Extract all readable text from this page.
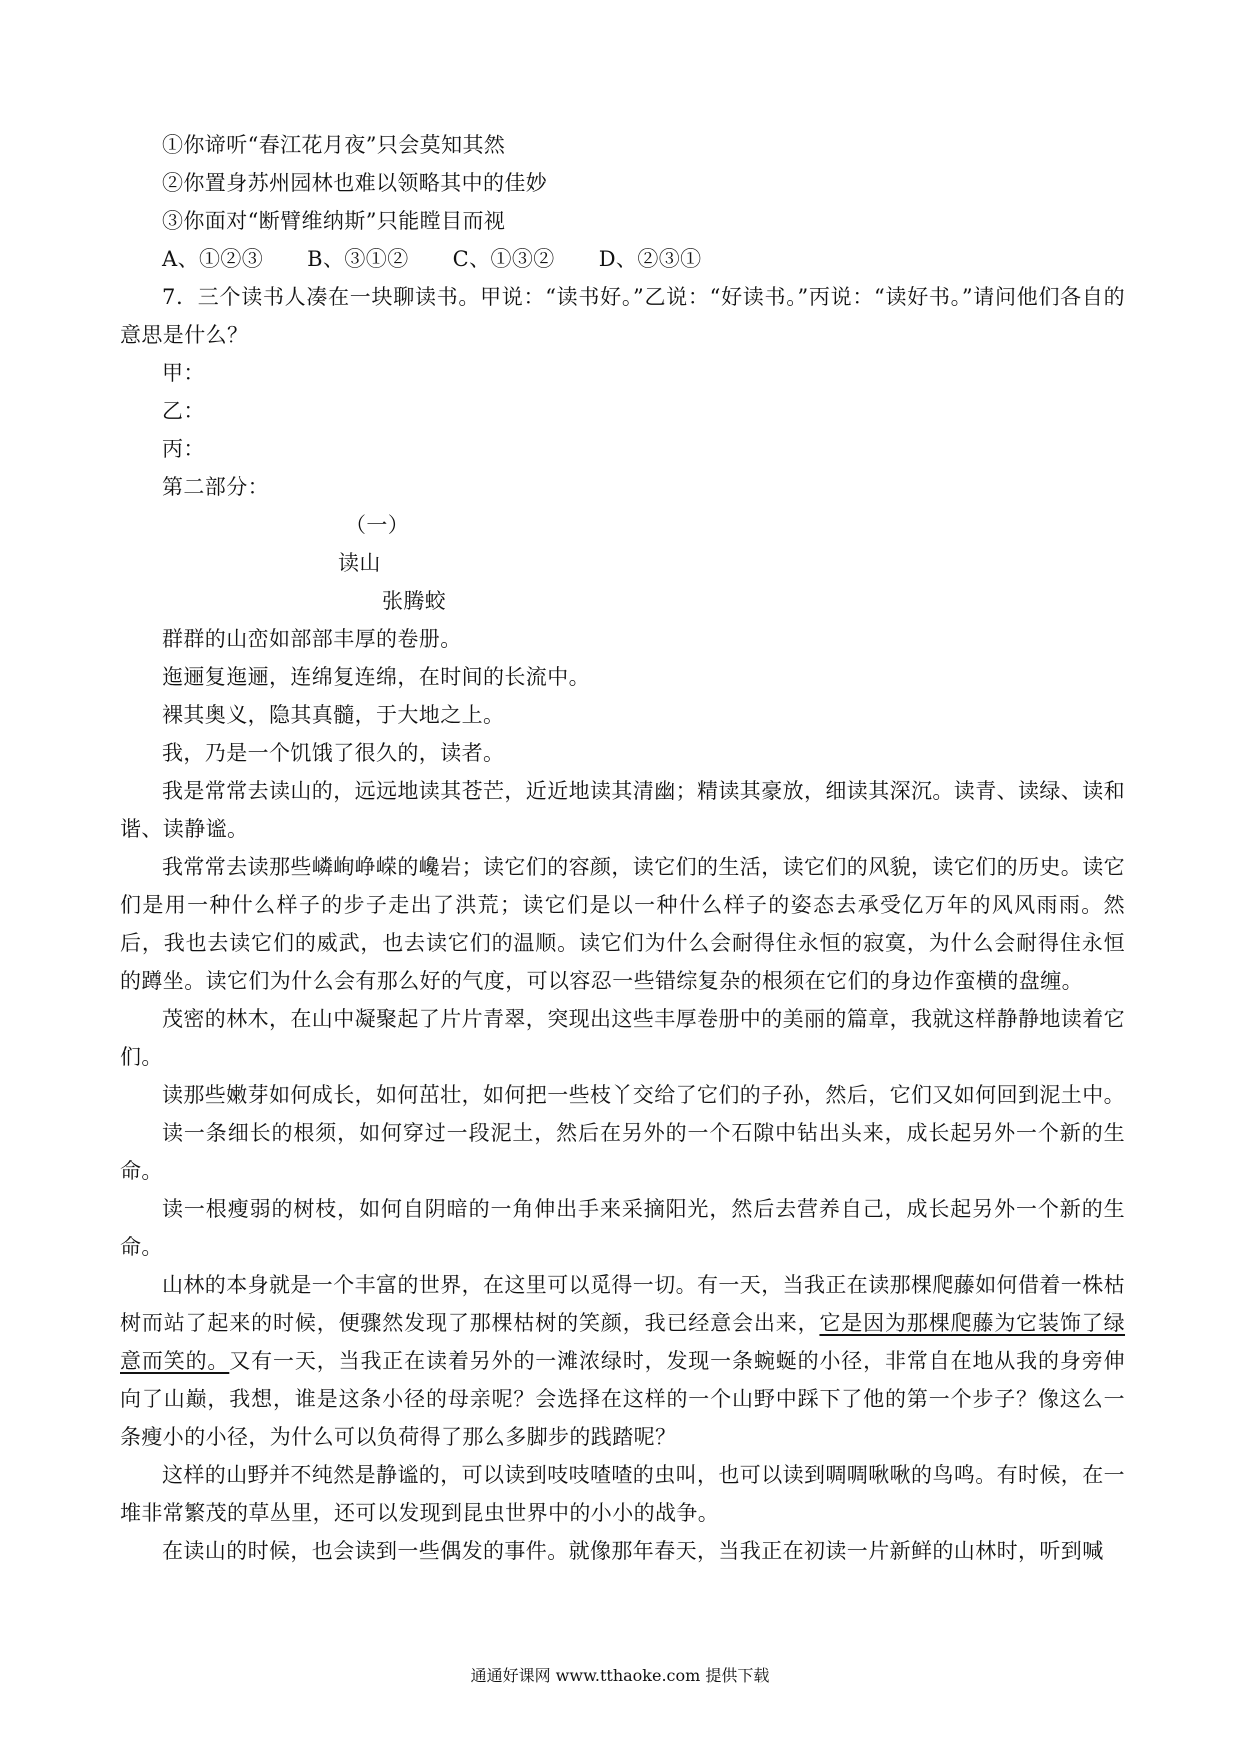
①你谛听“春江花月夜”只会莫知其然
②你置身苏州园林也难以领略其中的佳妙
③你面对“断臂维纳斯”只能瞠目而视
A、①②③ B、③①② C、①③② D、②③①
7．三个读书人凑在一块聊读书。甲说：“读书好。”乙说：“好读书。”丙说：“读好书。”请问他们各自的意思是什么？
甲：
乙：
丙：
第二部分：
（一）
读山
张腾蛟
群群的山峦如部部丰厚的卷册。
迤逦复迤逦，连绵复连绵，在时间的长流中。
裸其奥义，隐其真髓，于大地之上。
我，乃是一个饥饿了很久的，读者。
我是常常去读山的，远远地读其苍芒，近近地读其清幽；精读其豪放，细读其深沉。读青、读绿、读和谐、读静谧。
我常常去读那些嶙峋峥嵘的巉岩；读它们的容颜，读它们的生活，读它们的风貌，读它们的历史。读它们是用一种什么样子的步子走出了洪荒；读它们是以一种什么样子的姿态去承受亿万年的风风雨雨。然后，我也去读它们的威武，也去读它们的温顺。读它们为什么会耐得住永恒的寂寞，为什么会耐得住永恒的蹲坐。读它们为什么会有那么好的气度，可以容忍一些错综复杂的根须在它们的身边作蛮横的盘缠。
茂密的林木，在山中凝聚起了片片青翠，突现出这些丰厚卷册中的美丽的篇章，我就这样静静地读着它们。
读那些嫩芽如何成长，如何茁壮，如何把一些枝丫交给了它们的子孙，然后，它们又如何回到泥土中。
读一条细长的根须，如何穿过一段泥土，然后在另外的一个石隙中钻出头来，成长起另外一个新的生命。
读一根瘦弱的树枝，如何自阴暗的一角伸出手来采摘阳光，然后去营养自己，成长起另外一个新的生命。
山林的本身就是一个丰富的世界，在这里可以觅得一切。有一天，当我正在读那棵爬藤如何借着一株枯树而站了起来的时候，便骤然发现了那棵枯树的笑颜，我已经意会出来，它是因为那棵爬藤为它装饰了绿意而笑的。又有一天，当我正在读着另外的一滩浓绿时，发现一条蜿蜒的小径，非常自在地从我的身旁伸向了山巅，我想，谁是这条小径的母亲呢？会选择在这样的一个山野中踩下了他的第一个步子？像这么一条瘦小的小径，为什么可以负荷得了那么多脚步的践踏呢？
这样的山野并不纯然是静谧的，可以读到吱吱喳喳的虫叫，也可以读到啁啁啾啾的鸟鸣。有时候，在一堆非常繁茂的草丛里，还可以发现到昆虫世界中的小小的战争。
在读山的时候，也会读到一些偶发的事件。就像那年春天，当我正在初读一片新鲜的山林时，听到喊
通通好课网 www.tthaoke.com 提供下载
